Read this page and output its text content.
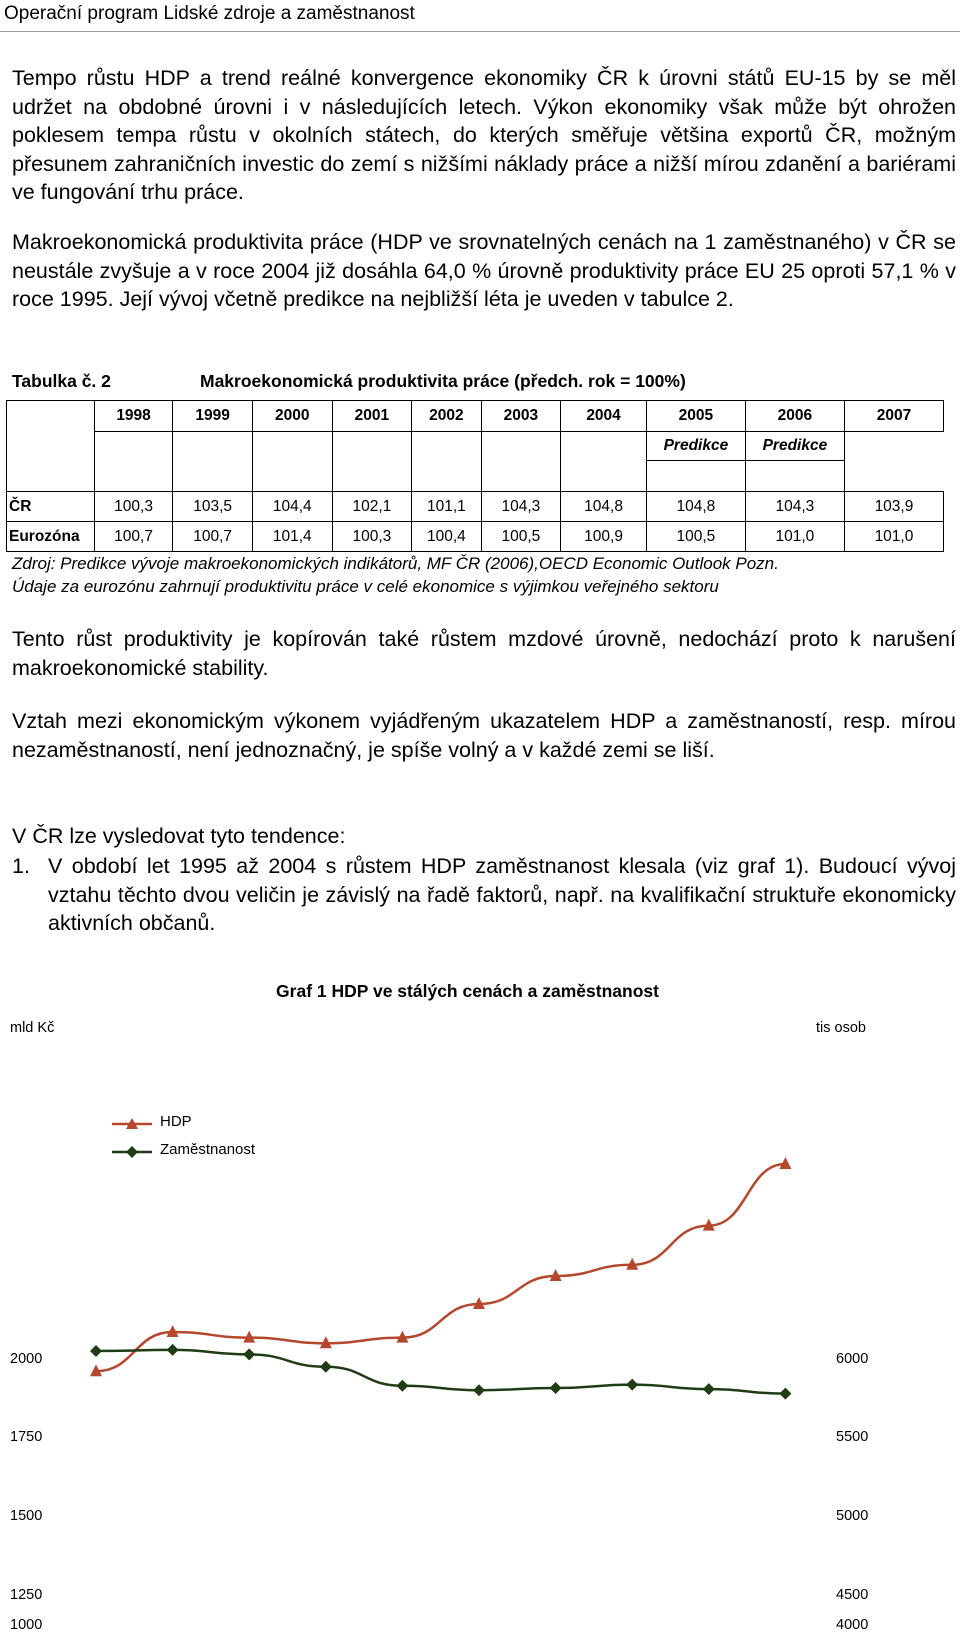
Operační program Lidské zdroje a zaměstnanost

Tempo růstu HDP a trend reálné konvergence ekonomiky ČR k úrovni států EU-15 by se měl udržet na obdobné úrovni i v následujících letech. Výkon ekonomiky však může být ohrožen poklesem tempa růstu v okolních státech, do kterých směřuje většina exportů ČR, možným přesunem zahraničních investic do zemí s nižšími náklady práce a nižší mírou zdanění a bariérami ve fungování trhu práce.

Makroekonomická produktivita práce (HDP ve srovnatelných cenách na 1 zaměstnaného) v ČR se neustále zvyšuje a v roce 2004 již dosáhla 64,0 % úrovně produktivity práce EU 25 oproti 57,1 % v roce 1995. Její vývoj včetně predikce na nejbližší léta je uveden v tabulce 2.

Tabulka č. 2	Makroekonomická produktivita práce (předch. rok = 100%)
	1998	1999	2000	2001	2002	2003	2004	2005	2006	2007
								Predikce	Predikce	

ČR	100,3	103,5	104,4	102,1	101,1	104,3	104,8	104,8	104,3	103,9
Eurozóna	100,7	100,7	101,4	100,3	100,4	100,5	100,9	100,5	101,0	101,0
Zdroj: Predikce vývoje makroekonomických indikátorů, MF ČR (2006),OECD Economic Outlook Pozn.
Údaje za eurozónu zahrnují produktivitu práce v celé ekonomice s výjimkou veřejného sektoru

Tento růst produktivity je kopírován také růstem mzdové úrovně, nedochází proto k narušení makroekonomické stability.

Vztah mezi ekonomickým výkonem vyjádřeným ukazatelem HDP a zaměstnaností, resp. mírou nezaměstnaností, není jednoznačný, je spíše volný a v každé zemi se liší.

V ČR lze vysledovat tyto tendence:
1. V období let 1995 až 2004 s růstem HDP zaměstnanost klesala (viz graf 1). Budoucí vývoj vztahu těchto dvou veličin je závislý na řadě faktorů, např. na kvalifikační struktuře ekonomicky aktivních občanů.
Graf 1 HDP ve stálých cenách a zaměstnanost
mld Kč	tis osob
2000
1750
1500
1250
1000
6000
5500
5000
4500
4000
HDP
Zaměstnanost
